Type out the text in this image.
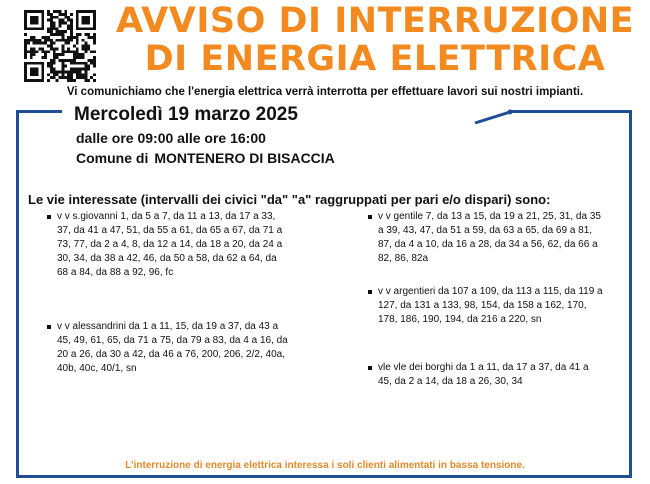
AVVISO DI INTERRUZIONE
DI ENERGIA ELETTRICA
Vi comunichiamo che l'energia elettrica verrà interrotta per effettuare lavori sui nostri impianti.
Mercoledì 19 marzo 2025
dalle ore 09:00 alle ore 16:00
Comune di MONTENERO DI BISACCIA
Le vie interessate (intervalli dei civici "da" "a" raggruppati per pari e/o dispari) sono:
v v s.giovanni 1, da 5 a 7, da 11 a 13, da 17 a 33, 37, da 41 a 47, 51, da 55 a 61, da 65 a 67, da 71 a 73, 77, da 2 a 4, 8, da 12 a 14, da 18 a 20, da 24 a 30, 34, da 38 a 42, 46, da 50 a 58, da 62 a 64, da 68 a 84, da 88 a 92, 96, fc
v v alessandrini da 1 a 11, 15, da 19 a 37, da 43 a 45, 49, 61, 65, da 71 a 75, da 79 a 83, da 4 a 16, da 20 a 26, da 30 a 42, da 46 a 76, 200, 206, 2/2, 40a, 40b, 40c, 40/1, sn
v v gentile 7, da 13 a 15, da 19 a 21, 25, 31, da 35 a 39, 43, 47, da 51 a 59, da 63 a 65, da 69 a 81, 87, da 4 a 10, da 16 a 28, da 34 a 56, 62, da 66 a 82, 86, 82a
v v argentieri da 107 a 109, da 113 a 115, da 119 a 127, da 131 a 133, 98, 154, da 158 a 162, 170, 178, 186, 190, 194, da 216 a 220, sn
vle vle dei borghi da 1 a 11, da 17 a 37, da 41 a 45, da 2 a 14, da 18 a 26, 30, 34
L'interruzione di energia elettrica interessa i soli clienti alimentati in bassa tensione.
